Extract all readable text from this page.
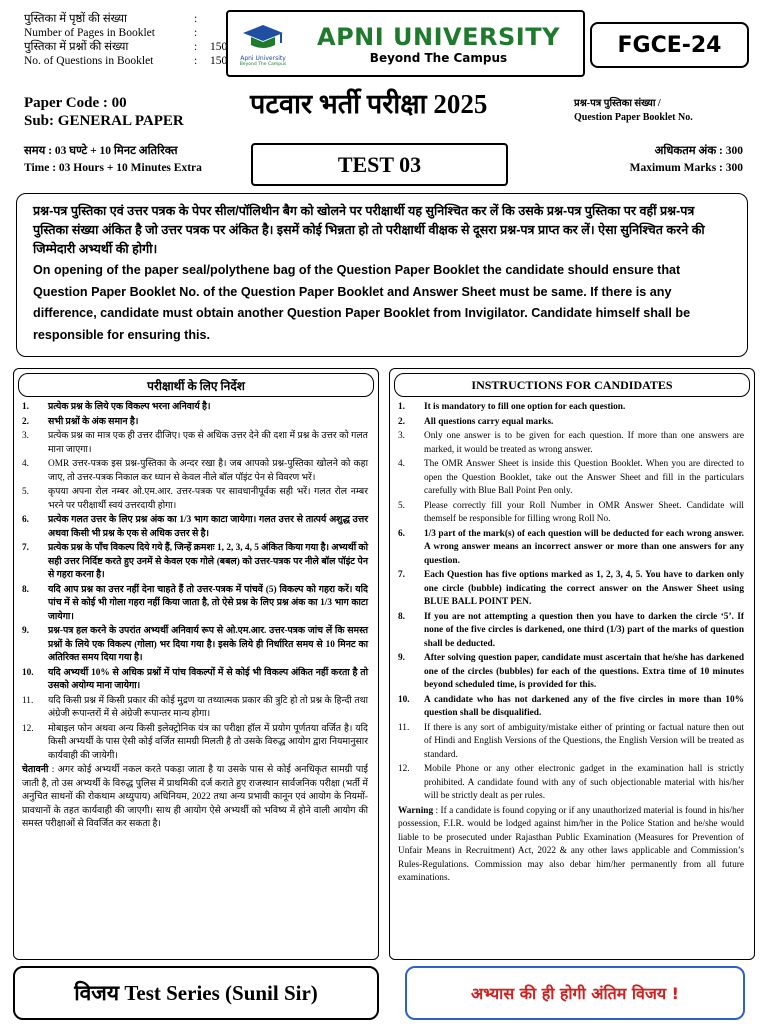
पुस्तिका में पृष्ठों की संख्या	:
Number of Pages in Booklet	:
पुस्तिका में प्रश्नों की संख्या	:	150
No. of Questions in Booklet	:	150 Apni University
Beyond The Campus
APNI UNIVERSITY
Beyond The Campus	FGCE-24
Paper Code : 00
Sub: GENERAL PAPER
पटवार भर्ती परीक्षा 2025	प्रश्न-पत्र पुस्तिका संख्या /
Question Paper Booklet No.
समय : 03 घण्टे + 10 मिनट अतिरिक्त
Time : 03 Hours + 10 Minutes Extra	TEST 03
अधिकतम अंक : 300
Maximum Marks : 300
प्रश्न-पत्र पुस्तिका एवं उत्तर पत्रक के पेपर सील/पॉलिथीन बैग को खोलने पर परीक्षार्थी यह सुनिश्चित कर लें कि उसके प्रश्न-पत्र पुस्तिका पर वहीं प्रश्न-पत्र पुस्तिका संख्या अंकित है जो उत्तर पत्रक पर अंकित है। इसमें कोई भिन्नता हो तो परीक्षार्थी वीक्षक से दूसरा प्रश्न-पत्र प्राप्त कर लें। ऐसा सुनिश्चित करने की जिम्मेदारी अभ्यर्थी की होगी।
On opening of the paper seal/polythene bag of the Question Paper Booklet the candidate should ensure that Question Paper Booklet No. of the Question Paper Booklet and Answer Sheet must be same. If there is any difference, candidate must obtain another Question Paper Booklet from Invigilator. Candidate himself shall be responsible for ensuring this.
परीक्षार्थी के लिए निर्देश
1.	प्रत्येक प्रश्न के लिये एक विकल्प भरना अनिवार्य है।
2.	सभी प्रश्नों के अंक समान है।
3.	प्रत्येक प्रश्न का मात्र एक ही उत्तर दीजिए। एक से अधिक उत्तर देने की दशा में प्रश्न के उत्तर को गलत माना जाएगा।
4.	OMR उत्तर-पत्रक इस प्रश्न-पुस्तिका के अन्दर रखा है। जब आपको प्रश्न-पुस्तिका खोलने को कहा जाए, तो उत्तर-पत्रक निकाल कर ध्यान से केवल नीले बॉल पॉइंट पेन से विवरण भरें।
5.	कृपया अपना रोल नम्बर ओ.एम.आर. उत्तर-पत्रक पर सावधानीपूर्वक सही भरें। गलत रोल नम्बर भरने पर परीक्षार्थी स्वयं उत्तरदायी होगा।
6.	प्रत्येक गलत उत्तर के लिए प्रश्न अंक का 1/3 भाग काटा जायेगा। गलत उत्तर से तात्पर्य अशुद्ध उत्तर अथवा किसी भी प्रश्न के एक से अधिक उत्तर से है।
7.	प्रत्येक प्रश्न के पाँच विकल्प दिये गये हैं, जिन्हें क्रमशः 1, 2, 3, 4, 5 अंकित किया गया है। अभ्यर्थी को सही उत्तर निर्दिष्ट करते हुए उनमें से केवल एक गोले (बबल) को उत्तर-पत्रक पर नीले बॉल पॉइंट पेन से गहरा करना है।
8.	यदि आप प्रश्न का उत्तर नहीं देना चाहते हैं तो उत्तर-पत्रक में पांचवें (5) विकल्प को गहरा करें। यदि पांच में से कोई भी गोला गहरा नहीं किया जाता है, तो ऐसे प्रश्न के लिए प्रश्न अंक का 1/3 भाग काटा जायेगा।
9.	प्रश्न-पत्र हल करने के उपरांत अभ्यर्थी अनिवार्य रूप से ओ.एम.आर. उत्तर-पत्रक जांच लें कि समस्त प्रश्नों के लिये एक विकल्प (गोला) भर दिया गया है। इसके लिये ही निर्धारित समय से 10 मिनट का अतिरिक्त समय दिया गया है।
10.	यदि अभ्यर्थी 10% से अधिक प्रश्नों में पांच विकल्पों में से कोई भी विकल्प अंकित नहीं करता है तो उसको अयोग्य माना जायेगा।
11.	यदि किसी प्रश्न में किसी प्रकार की कोई मुद्रण या तथ्यात्मक प्रकार की त्रुटि हो तो प्रश्न के हिन्दी तथा अंग्रेजी रूपान्तरों में से अंग्रेजी रूपान्तर मान्य होगा।
12.	मोबाइल फोन अथवा अन्य किसी इलेक्ट्रोनिक यंत्र का परीक्षा हॉल में प्रयोग पूर्णतया वर्जित है। यदि किसी अभ्यर्थी के पास ऐसी कोई वर्जित सामग्री मिलती है तो उसके विरुद्ध आयोग द्वारा नियमानुसार कार्यवाही की जायेगी।
चेतावनी : अगर कोई अभ्यर्थी नकल करते पकड़ा जाता है या उसके पास से कोई अनधिकृत सामग्री पाई जाती है, तो उस अभ्यर्थी के विरुद्ध पुलिस में प्राथमिकी दर्ज कराते हुए राजस्थान सार्वजनिक परीक्षा (भर्ती में अनुचित साधनों की रोकथाम अध्युपाय) अधिनियम, 2022 तथा अन्य प्रभावी कानून एवं आयोग के नियमों-प्रावधानों के तहत कार्यवाही की जाएगी। साथ ही आयोग ऐसे अभ्यर्थी को भविष्य में होने वाली आयोग की समस्त परीक्षाओं से विवर्जित कर सकता है।
INSTRUCTIONS FOR CANDIDATES
1.	It is mandatory to fill one option for each question.
2.	All questions carry equal marks.
3.	Only one answer is to be given for each question. If more than one answers are marked, it would be treated as wrong answer.
4.	The OMR Answer Sheet is inside this Question Booklet. When you are directed to open the Question Booklet, take out the Answer Sheet and fill in the particulars carefully with Blue Ball Point Pen only.
5.	Please correctly fill your Roll Number in OMR Answer Sheet. Candidate will themself be responsible for filling wrong Roll No.
6.	1/3 part of the mark(s) of each question will be deducted for each wrong answer. A wrong answer means an incorrect answer or more than one answers for any question.
7.	Each Question has five options marked as 1, 2, 3, 4, 5. You have to darken only one circle (bubble) indicating the correct answer on the Answer Sheet using BLUE BALL POINT PEN.
8.	If you are not attempting a question then you have to darken the circle ‘5’. If none of the five circles is darkened, one third (1/3) part of the marks of question shall be deducted.
9.	After solving question paper, candidate must ascertain that he/she has darkened one of the circles (bubbles) for each of the questions. Extra time of 10 minutes beyond scheduled time, is provided for this.
10.	A candidate who has not darkened any of the five circles in more than 10% question shall be disqualified.
11.	If there is any sort of ambiguity/mistake either of printing or factual nature then out of Hindi and English Versions of the Questions, the English Version will be treated as standard.
12.	Mobile Phone or any other electronic gadget in the examination hall is strictly prohibited. A candidate found with any of such objectionable material with his/her will be strictly dealt as per rules.
Warning : If a candidate is found copying or if any unauthorized material is found in his/her possession, F.I.R. would be lodged against him/her in the Police Station and he/she would liable to be prosecuted under Rajasthan Public Examination (Measures for Prevention of Unfair Means in Recruitment) Act, 2022 & any other laws applicable and Commission’s Rules-Regulations. Commission may also debar him/her permanently from all future examinations.
विजय Test Series (Sunil Sir)	अभ्यास की ही होगी अंतिम विजय !
